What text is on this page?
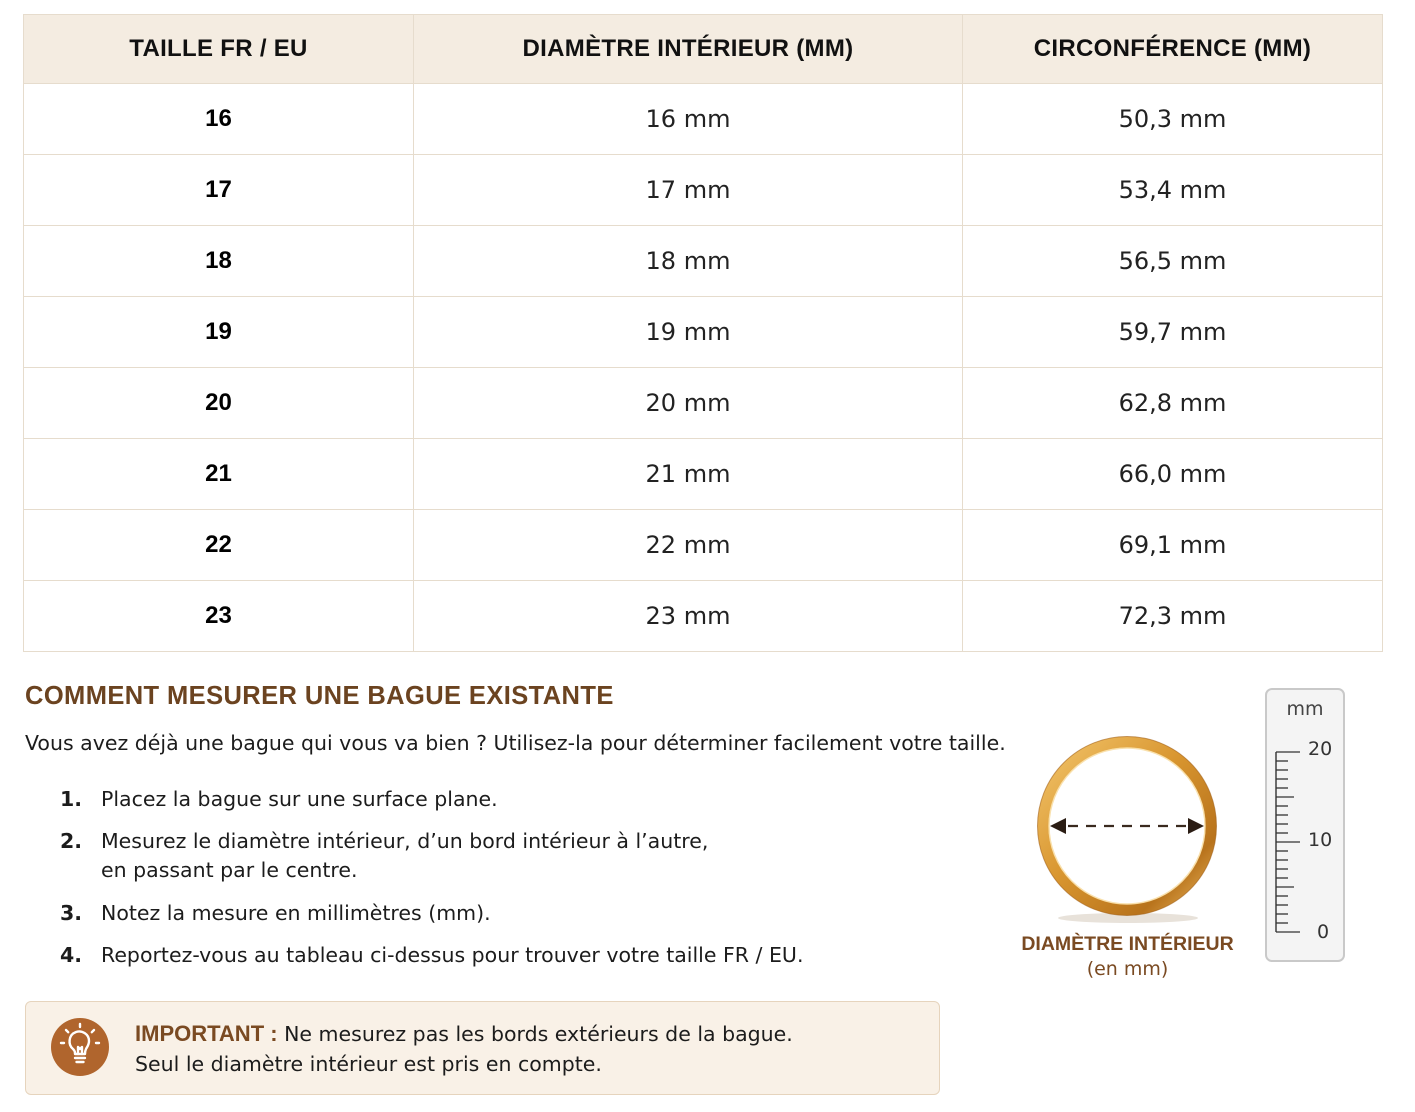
TAILLE FR / EU	DIAMÈTRE INTÉRIEUR (MM)	CIRCONFÉRENCE (MM)
16	16 mm	50,3 mm
17	17 mm	53,4 mm
18	18 mm	56,5 mm
19	19 mm	59,7 mm
20	20 mm	62,8 mm
21	21 mm	66,0 mm
22	22 mm	69,1 mm
23	23 mm	72,3 mm
COMMENT MESURER UNE BAGUE EXISTANTE

Vous avez déjà une bague qui vous va bien ? Utilisez-la pour déterminer facilement votre taille.

1. Placez la bague sur une surface plane.
2. Mesurez le diamètre intérieur, d’un bord intérieur à l’autre,
en passant par le centre.
3. Notez la mesure en millimètres (mm).
4. Reportez-vous au tableau ci-dessus pour trouver votre taille FR / EU.
IMPORTANT : Ne mesurez pas les bords extérieurs de la bague.
Seul le diamètre intérieur est pris en compte.
DIAMÈTRE INTÉRIEUR
(en mm)
mm
20
10
0
